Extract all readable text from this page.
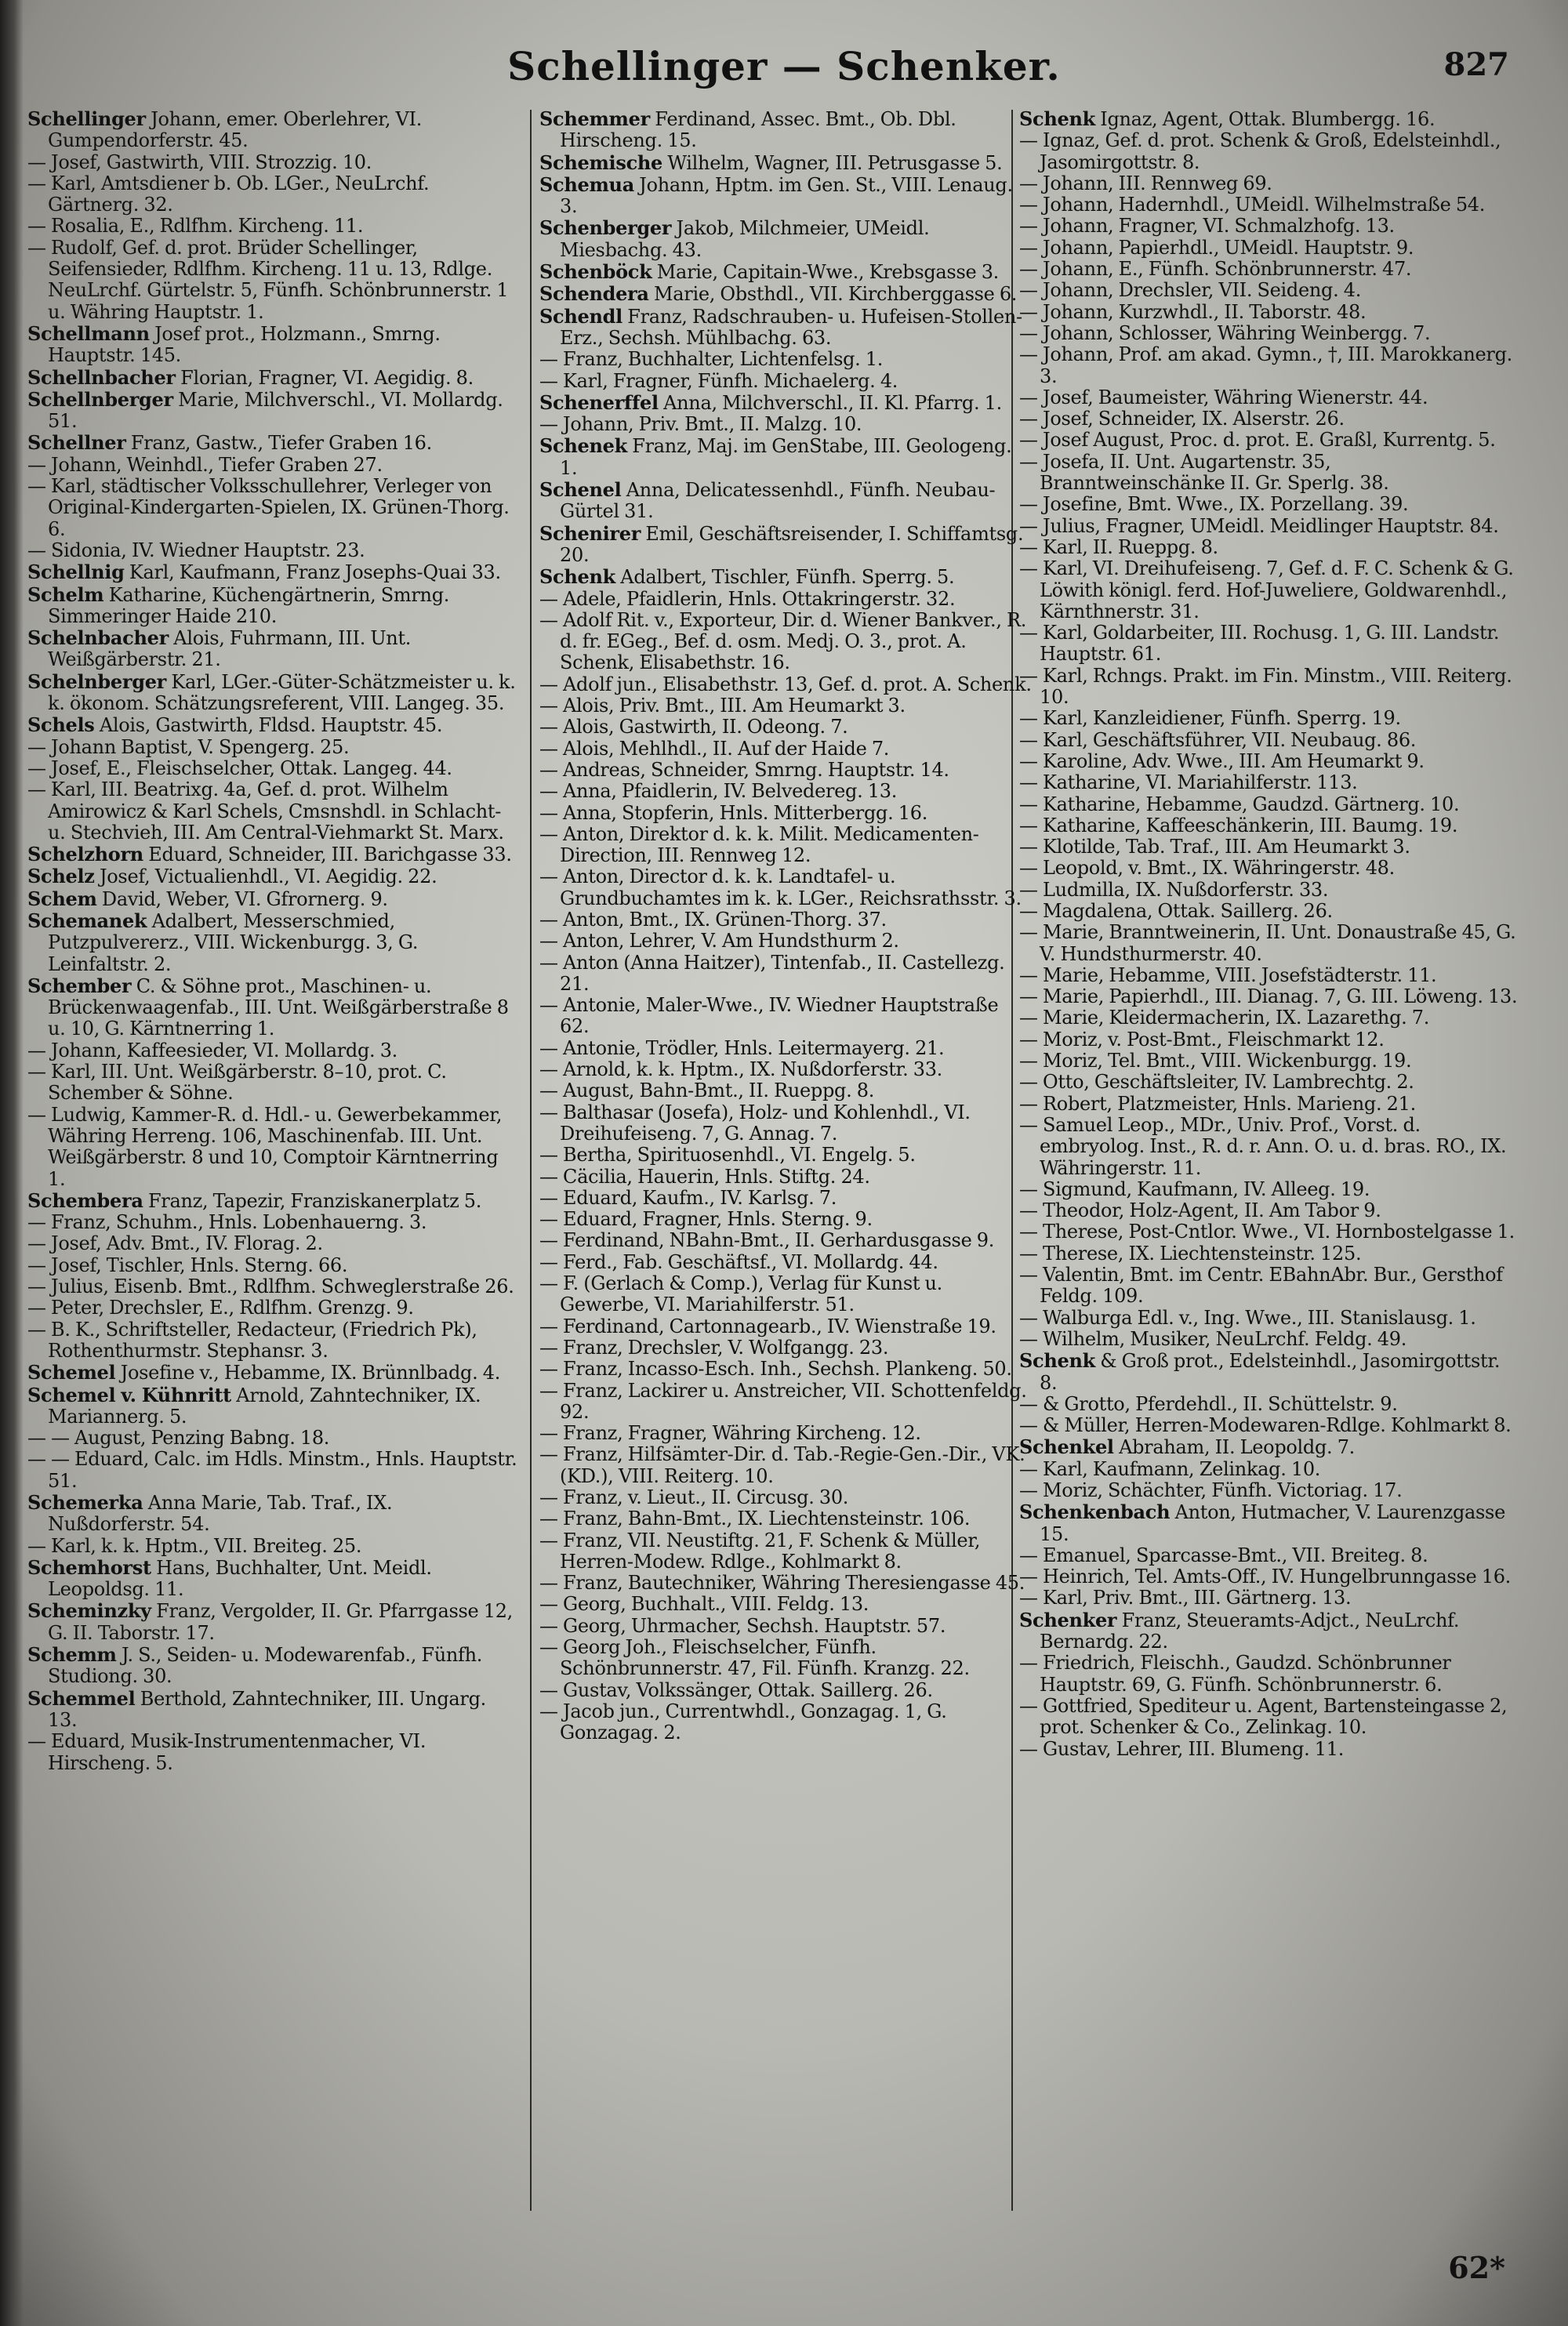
Schellinger — Schenker.	827

Schellinger Johann, emer. Oberlehrer, VI. Gumpendorferstr. 45.

— Josef, Gastwirth, VIII. Strozzig. 10.

— Karl, Amtsdiener b. Ob. LGer., NeuLrchf. Gärtnerg. 32.

— Rosalia, E., Rdlfhm. Kircheng. 11.

— Rudolf, Gef. d. prot. Brüder Schellinger, Seifensieder, Rdlfhm. Kircheng. 11 u. 13, Rdlge. NeuLrchf. Gürtelstr. 5, Fünfh. Schönbrunnerstr. 1 u. Währing Hauptstr. 1.

Schellmann Josef prot., Holzmann., Smrng. Hauptstr. 145.

Schellnbacher Florian, Fragner, VI. Aegidig. 8.

Schellnberger Marie, Milchverschl., VI. Mollardg. 51.

Schellner Franz, Gastw., Tiefer Graben 16.

— Johann, Weinhdl., Tiefer Graben 27.

— Karl, städtischer Volksschullehrer, Verleger von Original-Kindergarten-Spielen, IX. Grünen-Thorg. 6.

— Sidonia, IV. Wiedner Hauptstr. 23.

Schellnig Karl, Kaufmann, Franz Josephs-Quai 33.

Schelm Katharine, Küchengärtnerin, Smrng. Simmeringer Haide 210.

Schelnbacher Alois, Fuhrmann, III. Unt. Weißgärberstr. 21.

Schelnberger Karl, LGer.-Güter-Schätzmeister u. k. k. ökonom. Schätzungsreferent, VIII. Langeg. 35.

Schels Alois, Gastwirth, Fldsd. Hauptstr. 45.

— Johann Baptist, V. Spengerg. 25.

— Josef, E., Fleischselcher, Ottak. Langeg. 44.

— Karl, III. Beatrixg. 4a, Gef. d. prot. Wilhelm Amirowicz & Karl Schels, Cmsnshdl. in Schlacht- u. Stechvieh, III. Am Central-Viehmarkt St. Marx.

Schelzhorn Eduard, Schneider, III. Barichgasse 33.

Schelz Josef, Victualienhdl., VI. Aegidig. 22.

Schem David, Weber, VI. Gfrornerg. 9.

Schemanek Adalbert, Messerschmied, Putzpulvererz., VIII. Wickenburgg. 3, G. Leinfaltstr. 2.

Schember C. & Söhne prot., Maschinen- u. Brückenwaagenfab., III. Unt. Weißgärberstraße 8 u. 10, G. Kärntnerring 1.

— Johann, Kaffeesieder, VI. Mollardg. 3.

— Karl, III. Unt. Weißgärberstr. 8–10, prot. C. Schember & Söhne.

— Ludwig, Kammer-R. d. Hdl.- u. Gewerbekammer, Währing Herreng. 106, Maschinenfab. III. Unt. Weißgärberstr. 8 und 10, Comptoir Kärntnerring 1.

Schembera Franz, Tapezir, Franziskanerplatz 5.

— Franz, Schuhm., Hnls. Lobenhauerng. 3.

— Josef, Adv. Bmt., IV. Florag. 2.

— Josef, Tischler, Hnls. Sterng. 66.

— Julius, Eisenb. Bmt., Rdlfhm. Schweglerstraße 26.

— Peter, Drechsler, E., Rdlfhm. Grenzg. 9.

— B. K., Schriftsteller, Redacteur, (Friedrich Pk), Rothenthurmstr. Stephansr. 3.

Schemel Josefine v., Hebamme, IX. Brünnlbadg. 4.

Schemel v. Kühnritt Arnold, Zahntechniker, IX. Mariannerg. 5.

— — August, Penzing Babng. 18.

— — Eduard, Calc. im Hdls. Minstm., Hnls. Hauptstr. 51.

Schemerka Anna Marie, Tab. Traf., IX. Nußdorferstr. 54.

— Karl, k. k. Hptm., VII. Breiteg. 25.

Schemhorst Hans, Buchhalter, Unt. Meidl. Leopoldsg. 11.

Scheminzky Franz, Vergolder, II. Gr. Pfarrgasse 12, G. II. Taborstr. 17.

Schemm J. S., Seiden- u. Modewarenfab., Fünfh. Studiong. 30.

Schemmel Berthold, Zahntechniker, III. Ungarg. 13.

— Eduard, Musik-Instrumentenmacher, VI. Hirscheng. 5.

Schemmer Ferdinand, Assec. Bmt., Ob. Dbl. Hirscheng. 15.

Schemische Wilhelm, Wagner, III. Petrusgasse 5.

Schemua Johann, Hptm. im Gen. St., VIII. Lenaug. 3.

Schenberger Jakob, Milchmeier, UMeidl. Miesbachg. 43.

Schenböck Marie, Capitain-Wwe., Krebsgasse 3.

Schendera Marie, Obsthdl., VII. Kirchberggasse 6.

Schendl Franz, Radschrauben- u. Hufeisen-Stollen-Erz., Sechsh. Mühlbachg. 63.

— Franz, Buchhalter, Lichtenfelsg. 1.

— Karl, Fragner, Fünfh. Michaelerg. 4.

Schenerffel Anna, Milchverschl., II. Kl. Pfarrg. 1.

— Johann, Priv. Bmt., II. Malzg. 10.

Schenek Franz, Maj. im GenStabe, III. Geologeng. 1.

Schenel Anna, Delicatessenhdl., Fünfh. Neubau-Gürtel 31.

Schenirer Emil, Geschäftsreisender, I. Schiffamtsg. 20.

Schenk Adalbert, Tischler, Fünfh. Sperrg. 5.

— Adele, Pfaidlerin, Hnls. Ottakringerstr. 32.

— Adolf Rit. v., Exporteur, Dir. d. Wiener Bankver., R. d. fr. EGeg., Bef. d. osm. Medj. O. 3., prot. A. Schenk, Elisabethstr. 16.

— Adolf jun., Elisabethstr. 13, Gef. d. prot. A. Schenk.

— Alois, Priv. Bmt., III. Am Heumarkt 3.

— Alois, Gastwirth, II. Odeong. 7.

— Alois, Mehlhdl., II. Auf der Haide 7.

— Andreas, Schneider, Smrng. Hauptstr. 14.

— Anna, Pfaidlerin, IV. Belvedereg. 13.

— Anna, Stopferin, Hnls. Mitterbergg. 16.

— Anton, Direktor d. k. k. Milit. Medicamenten-Direction, III. Rennweg 12.

— Anton, Director d. k. k. Landtafel- u. Grundbuchamtes im k. k. LGer., Reichsrathsstr. 3.

— Anton, Bmt., IX. Grünen-Thorg. 37.

— Anton, Lehrer, V. Am Hundsthurm 2.

— Anton (Anna Haitzer), Tintenfab., II. Castellezg. 21.

— Antonie, Maler-Wwe., IV. Wiedner Hauptstraße 62.

— Antonie, Trödler, Hnls. Leitermayerg. 21.

— Arnold, k. k. Hptm., IX. Nußdorferstr. 33.

— August, Bahn-Bmt., II. Rueppg. 8.

— Balthasar (Josefa), Holz- und Kohlenhdl., VI. Dreihufeiseng. 7, G. Annag. 7.

— Bertha, Spirituosenhdl., VI. Engelg. 5.

— Cäcilia, Hauerin, Hnls. Stiftg. 24.

— Eduard, Kaufm., IV. Karlsg. 7.

— Eduard, Fragner, Hnls. Sterng. 9.

— Ferdinand, NBahn-Bmt., II. Gerhardusgasse 9.

— Ferd., Fab. Geschäftsf., VI. Mollardg. 44.

— F. (Gerlach & Comp.), Verlag für Kunst u. Gewerbe, VI. Mariahilferstr. 51.

— Ferdinand, Cartonnagearb., IV. Wienstraße 19.

— Franz, Drechsler, V. Wolfgangg. 23.

— Franz, Incasso-Esch. Inh., Sechsh. Plankeng. 50.

— Franz, Lackirer u. Anstreicher, VII. Schottenfeldg. 92.

— Franz, Fragner, Währing Kircheng. 12.

— Franz, Hilfsämter-Dir. d. Tab.-Regie-Gen.-Dir., VK. (KD.), VIII. Reiterg. 10.

— Franz, v. Lieut., II. Circusg. 30.

— Franz, Bahn-Bmt., IX. Liechtensteinstr. 106.

— Franz, VII. Neustiftg. 21, F. Schenk & Müller, Herren-Modew. Rdlge., Kohlmarkt 8.

— Franz, Bautechniker, Währing Theresiengasse 45.

— Georg, Buchhalt., VIII. Feldg. 13.

— Georg, Uhrmacher, Sechsh. Hauptstr. 57.

— Georg Joh., Fleischselcher, Fünfh. Schönbrunnerstr. 47, Fil. Fünfh. Kranzg. 22.

— Gustav, Volkssänger, Ottak. Saillerg. 26.

— Jacob jun., Currentwhdl., Gonzagag. 1, G. Gonzagag. 2.

Schenk Ignaz, Agent, Ottak. Blumbergg. 16.

— Ignaz, Gef. d. prot. Schenk & Groß, Edelsteinhdl., Jasomirgottstr. 8.

— Johann, III. Rennweg 69.

— Johann, Hadernhdl., UMeidl. Wilhelmstraße 54.

— Johann, Fragner, VI. Schmalzhofg. 13.

— Johann, Papierhdl., UMeidl. Hauptstr. 9.

— Johann, E., Fünfh. Schönbrunnerstr. 47.

— Johann, Drechsler, VII. Seideng. 4.

— Johann, Kurzwhdl., II. Taborstr. 48.

— Johann, Schlosser, Währing Weinbergg. 7.

— Johann, Prof. am akad. Gymn., †, III. Marokkanerg. 3.

— Josef, Baumeister, Währing Wienerstr. 44.

— Josef, Schneider, IX. Alserstr. 26.

— Josef August, Proc. d. prot. E. Graßl, Kurrentg. 5.

— Josefa, II. Unt. Augartenstr. 35, Branntweinschänke II. Gr. Sperlg. 38.

— Josefine, Bmt. Wwe., IX. Porzellang. 39.

— Julius, Fragner, UMeidl. Meidlinger Hauptstr. 84.

— Karl, II. Rueppg. 8.

— Karl, VI. Dreihufeiseng. 7, Gef. d. F. C. Schenk & G. Löwith königl. ferd. Hof-Juweliere, Goldwarenhdl., Kärnthnerstr. 31.

— Karl, Goldarbeiter, III. Rochusg. 1, G. III. Landstr. Hauptstr. 61.

— Karl, Rchngs. Prakt. im Fin. Minstm., VIII. Reiterg. 10.

— Karl, Kanzleidiener, Fünfh. Sperrg. 19.

— Karl, Geschäftsführer, VII. Neubaug. 86.

— Karoline, Adv. Wwe., III. Am Heumarkt 9.

— Katharine, VI. Mariahilferstr. 113.

— Katharine, Hebamme, Gaudzd. Gärtnerg. 10.

— Katharine, Kaffeeschänkerin, III. Baumg. 19.

— Klotilde, Tab. Traf., III. Am Heumarkt 3.

— Leopold, v. Bmt., IX. Währingerstr. 48.

— Ludmilla, IX. Nußdorferstr. 33.

— Magdalena, Ottak. Saillerg. 26.

— Marie, Branntweinerin, II. Unt. Donaustraße 45, G. V. Hundsthurmerstr. 40.

— Marie, Hebamme, VIII. Josefstädterstr. 11.

— Marie, Papierhdl., III. Dianag. 7, G. III. Löweng. 13.

— Marie, Kleidermacherin, IX. Lazarethg. 7.

— Moriz, v. Post-Bmt., Fleischmarkt 12.

— Moriz, Tel. Bmt., VIII. Wickenburgg. 19.

— Otto, Geschäftsleiter, IV. Lambrechtg. 2.

— Robert, Platzmeister, Hnls. Marieng. 21.

— Samuel Leop., MDr., Univ. Prof., Vorst. d. embryolog. Inst., R. d. r. Ann. O. u. d. bras. RO., IX. Währingerstr. 11.

— Sigmund, Kaufmann, IV. Alleeg. 19.

— Theodor, Holz-Agent, II. Am Tabor 9.

— Therese, Post-Cntlor. Wwe., VI. Hornbostelgasse 1.

— Therese, IX. Liechtensteinstr. 125.

— Valentin, Bmt. im Centr. EBahnAbr. Bur., Gersthof Feldg. 109.

— Walburga Edl. v., Ing. Wwe., III. Stanislausg. 1.

— Wilhelm, Musiker, NeuLrchf. Feldg. 49.

Schenk & Groß prot., Edelsteinhdl., Jasomirgottstr. 8.

— & Grotto, Pferdehdl., II. Schüttelstr. 9.

— & Müller, Herren-Modewaren-Rdlge. Kohlmarkt 8.

Schenkel Abraham, II. Leopoldg. 7.

— Karl, Kaufmann, Zelinkag. 10.

— Moriz, Schächter, Fünfh. Victoriag. 17.

Schenkenbach Anton, Hutmacher, V. Laurenzgasse 15.

— Emanuel, Sparcasse-Bmt., VII. Breiteg. 8.

— Heinrich, Tel. Amts-Off., IV. Hungelbrunngasse 16.

— Karl, Priv. Bmt., III. Gärtnerg. 13.

Schenker Franz, Steueramts-Adjct., NeuLrchf. Bernardg. 22.

— Friedrich, Fleischh., Gaudzd. Schönbrunner Hauptstr. 69, G. Fünfh. Schönbrunnerstr. 6.

— Gottfried, Spediteur u. Agent, Bartensteingasse 2, prot. Schenker & Co., Zelinkag. 10.

— Gustav, Lehrer, III. Blumeng. 11.

62*
